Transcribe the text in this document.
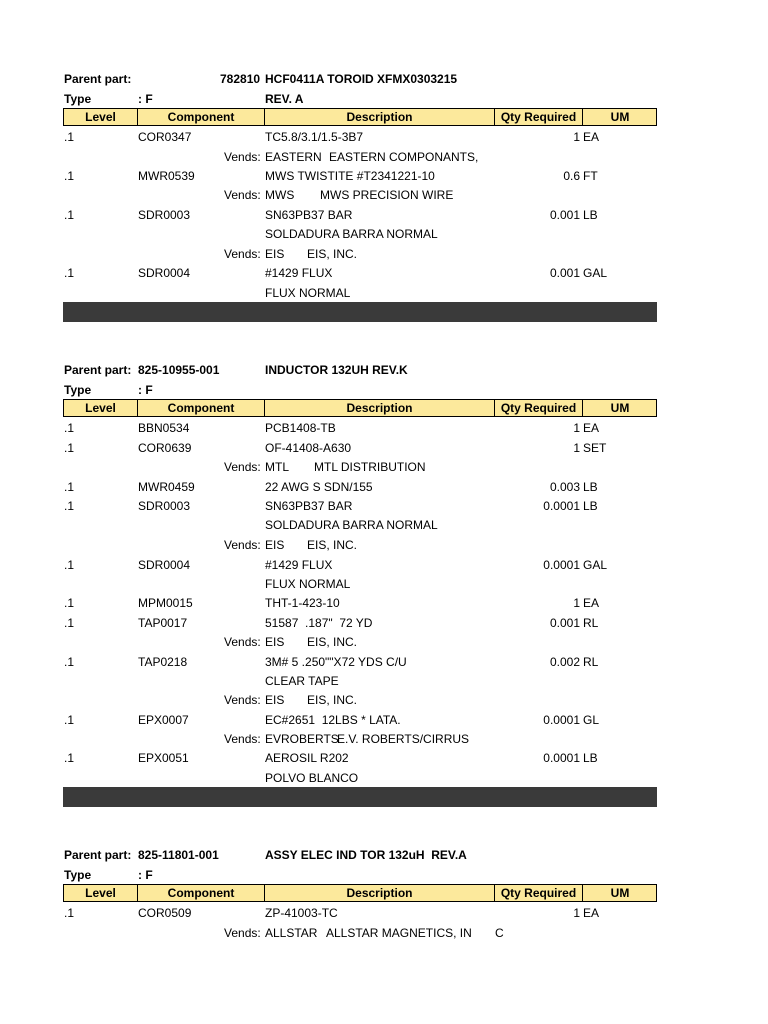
Parent part:	782810 HCF0411A TOROID XFMX0303215
Type	: F	REV. A
Level	Component	Description	Qty Required	UM
.1	COR0347	TC5.8/3.1/1.5-3B7	1 EA
Vends: EASTERN EASTERN COMPONANTS,
.1	MWR0539	MWS TWISTITE #T2341221-10	0.6 FT
Vends: MWS MWS PRECISION WIRE
.1	SDR0003	SN63PB37 BAR	0.001 LB
SOLDADURA BARRA NORMAL
Vends: EIS EIS, INC.
.1	SDR0004	#1429 FLUX	0.001 GAL
FLUX NORMAL
Parent part: 825-10955-001	INDUCTOR 132UH REV.K
Type	: F
Level	Component	Description	Qty Required	UM
.1	BBN0534	PCB1408-TB	1 EA
.1	COR0639	OF-41408-A630	1 SET
Vends: MTL MTL DISTRIBUTION
.1	MWR0459	22 AWG S SDN/155	0.003 LB
.1	SDR0003	SN63PB37 BAR	0.0001 LB
SOLDADURA BARRA NORMAL
Vends: EIS EIS, INC.
.1	SDR0004	#1429 FLUX	0.0001 GAL
FLUX NORMAL
.1	MPM0015	THT-1-423-10	1 EA
.1	TAP0017	51587  .187"  72 YD	0.001 RL
Vends: EIS EIS, INC.
.1	TAP0218	3M# 5 .250""X72 YDS C/U	0.002 RL
CLEAR TAPE
Vends: EIS EIS, INC.
.1	EPX0007	EC#2651  12LBS * LATA.	0.0001 GL
Vends: EVROBERTS
E.V. ROBERTS/CIRRUS
.1	EPX0051	AEROSIL R202	0.0001 LB
POLVO BLANCO
Parent part: 825-11801-001	ASSY ELEC IND TOR 132uH  REV.A
Type	: F
Level	Component	Description	Qty Required	UM
.1	COR0509	ZP-41003-TC	1 EA
Vends: ALLSTAR ALLSTAR MAGNETICS, IN C
